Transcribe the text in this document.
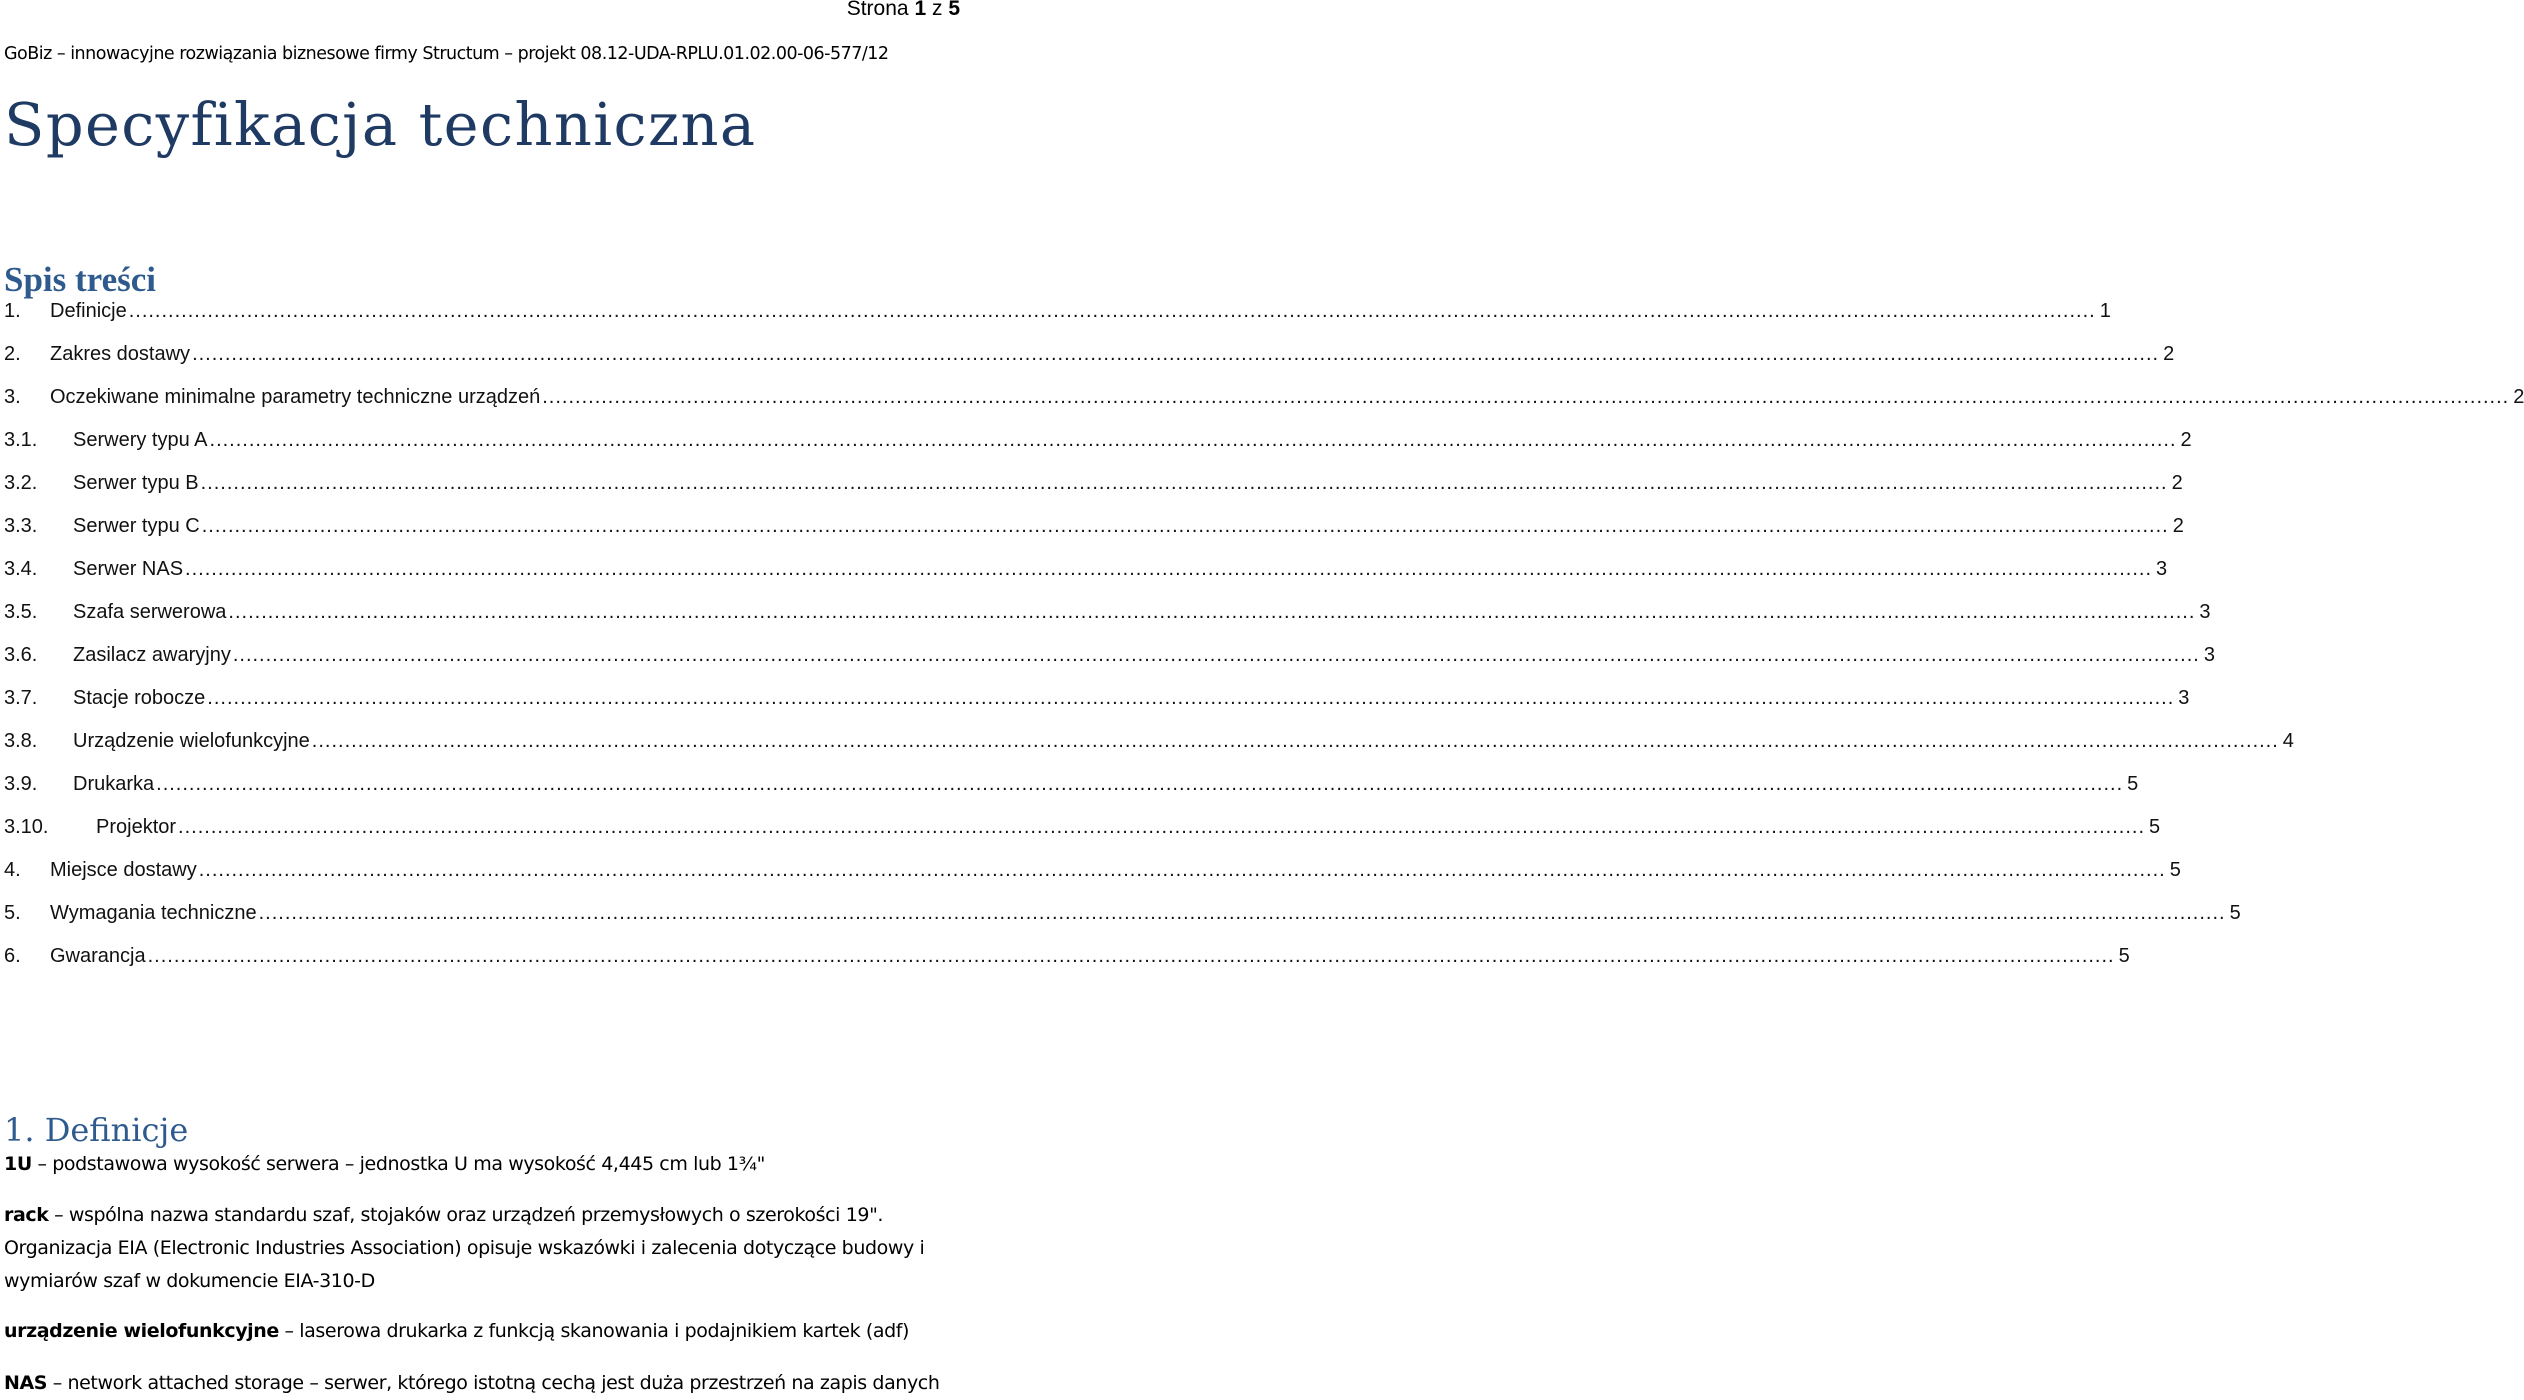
Strona 1 z 5
GoBiz – innowacyjne rozwiązania biznesowe firmy Structum – projekt 08.12-UDA-RPLU.01.02.00-06-577/12
Specyfikacja techniczna
Spis treści
1.	Definicje ............................................................................................................................................................................................................................................................................................................ 1
2.	Zakres dostawy ............................................................................................................................................................................................................................................................................................................ 2
3.	Oczekiwane minimalne parametry techniczne urządzeń ............................................................................................................................................................................................................................................................................................................ 2
3.1.	Serwery typu A ............................................................................................................................................................................................................................................................................................................ 2
3.2.	Serwer typu B ............................................................................................................................................................................................................................................................................................................ 2
3.3.	Serwer typu C ............................................................................................................................................................................................................................................................................................................ 2
3.4.	Serwer NAS ............................................................................................................................................................................................................................................................................................................ 3
3.5.	Szafa serwerowa ............................................................................................................................................................................................................................................................................................................ 3
3.6.	Zasilacz awaryjny ............................................................................................................................................................................................................................................................................................................ 3
3.7.	Stacje robocze ............................................................................................................................................................................................................................................................................................................ 3
3.8.	Urządzenie wielofunkcyjne ............................................................................................................................................................................................................................................................................................................ 4
3.9.	Drukarka ............................................................................................................................................................................................................................................................................................................ 5
3.10.	Projektor ............................................................................................................................................................................................................................................................................................................ 5
4.	Miejsce dostawy ............................................................................................................................................................................................................................................................................................................ 5
5.	Wymagania techniczne ............................................................................................................................................................................................................................................................................................................ 5
6.	Gwarancja ............................................................................................................................................................................................................................................................................................................ 5
1. Definicje
1U – podstawowa wysokość serwera – jednostka U ma wysokość 4,445 cm lub 1¾"
rack – wspólna nazwa standardu szaf, stojaków oraz urządzeń przemysłowych o szerokości 19". Organizacja EIA (Electronic Industries Association) opisuje wskazówki i zalecenia dotyczące budowy i wymiarów szaf w dokumencie EIA-310-D
urządzenie wielofunkcyjne – laserowa drukarka z funkcją skanowania i podajnikiem kartek (adf)
NAS – network attached storage – serwer, którego istotną cechą jest duża przestrzeń na zapis danych
